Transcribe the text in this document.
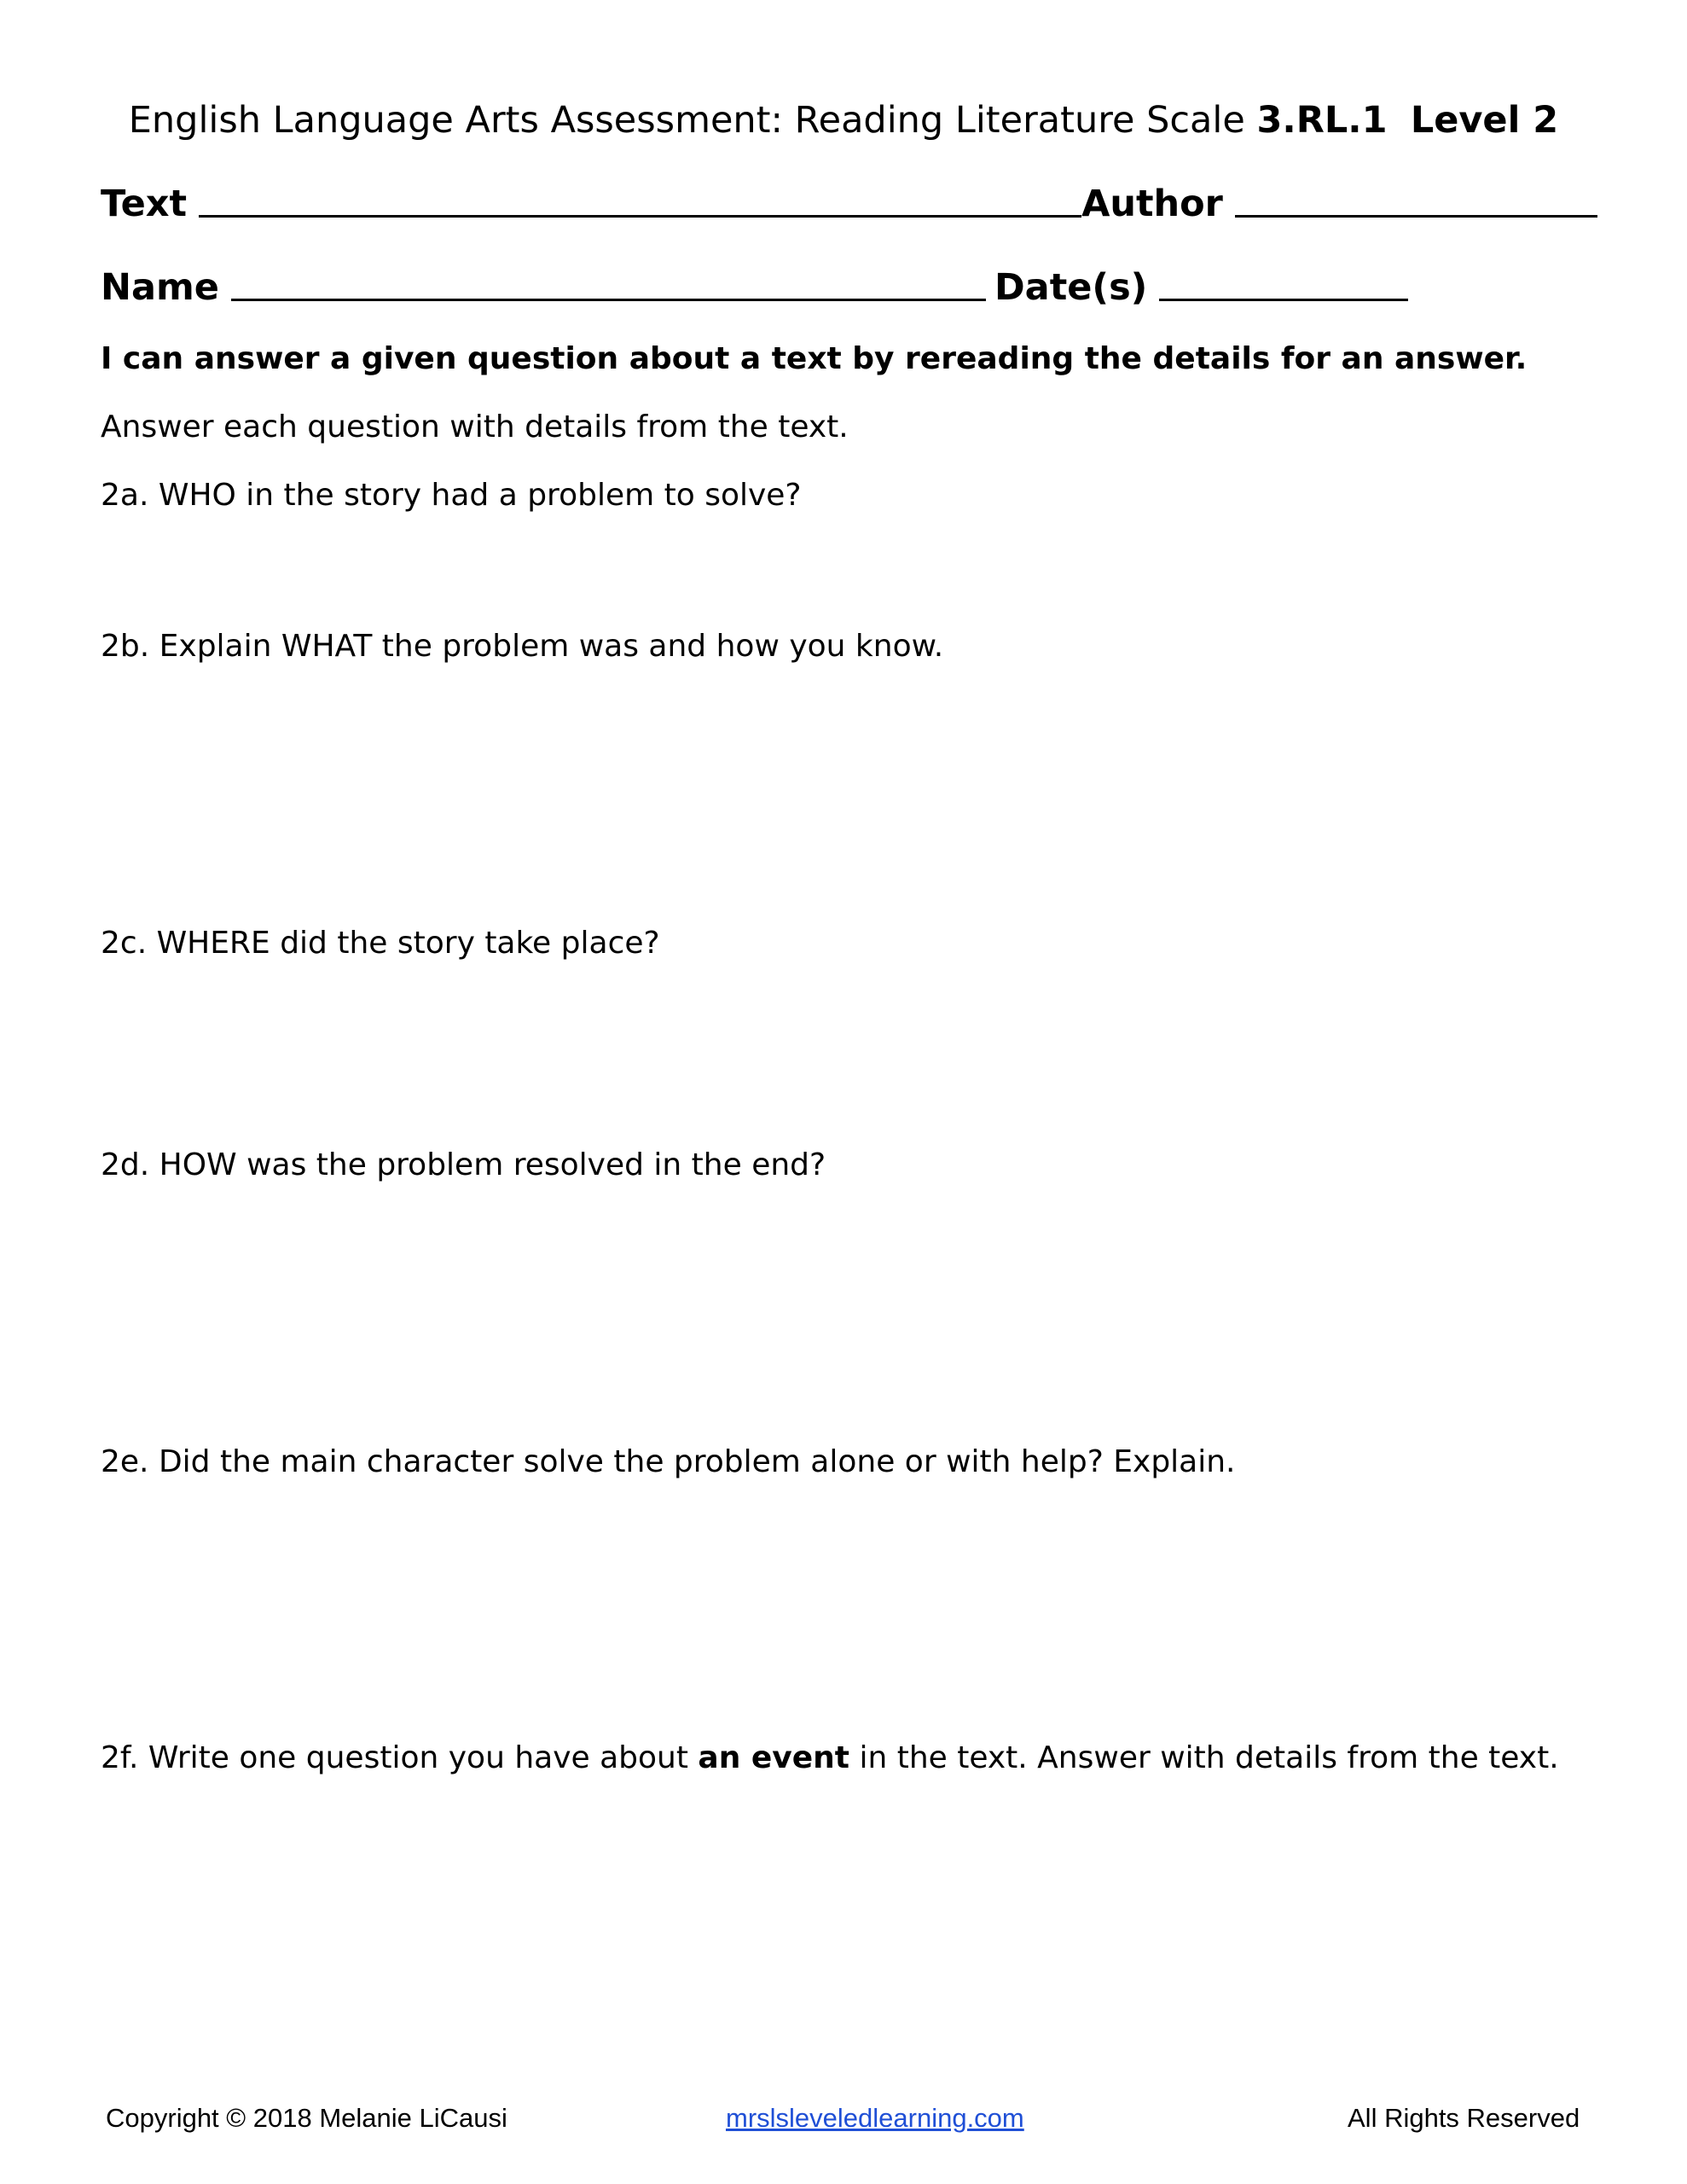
English Language Arts Assessment: Reading Literature Scale 3.RL.1 Level 2
Text	Author
Name	Date(s)
I can answer a given question about a text by rereading the details for an answer.
Answer each question with details from the text.
2a. WHO in the story had a problem to solve?
2b. Explain WHAT the problem was and how you know.
2c. WHERE did the story take place?
2d. HOW was the problem resolved in the end?
2e. Did the main character solve the problem alone or with help? Explain.
2f. Write one question you have about an event in the text. Answer with details from the text.
Copyright © 2018 Melanie LiCausi	mrslsleveledlearning.com	All Rights Reserved
